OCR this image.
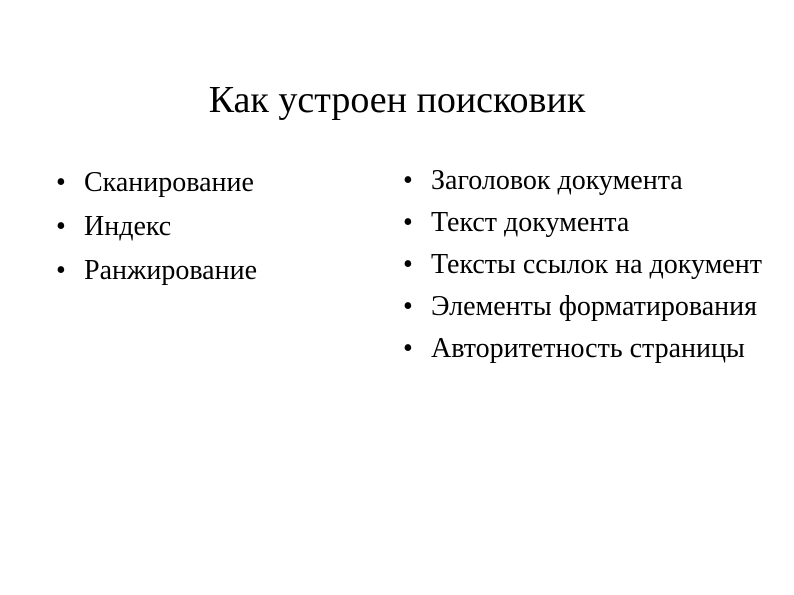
Как устроен поисковик
• Сканирование
• Индекс
• Ранжирование
• Заголовок документа
• Текст документа
• Тексты ссылок на документ
• Элементы форматирования
• Авторитетность страницы
